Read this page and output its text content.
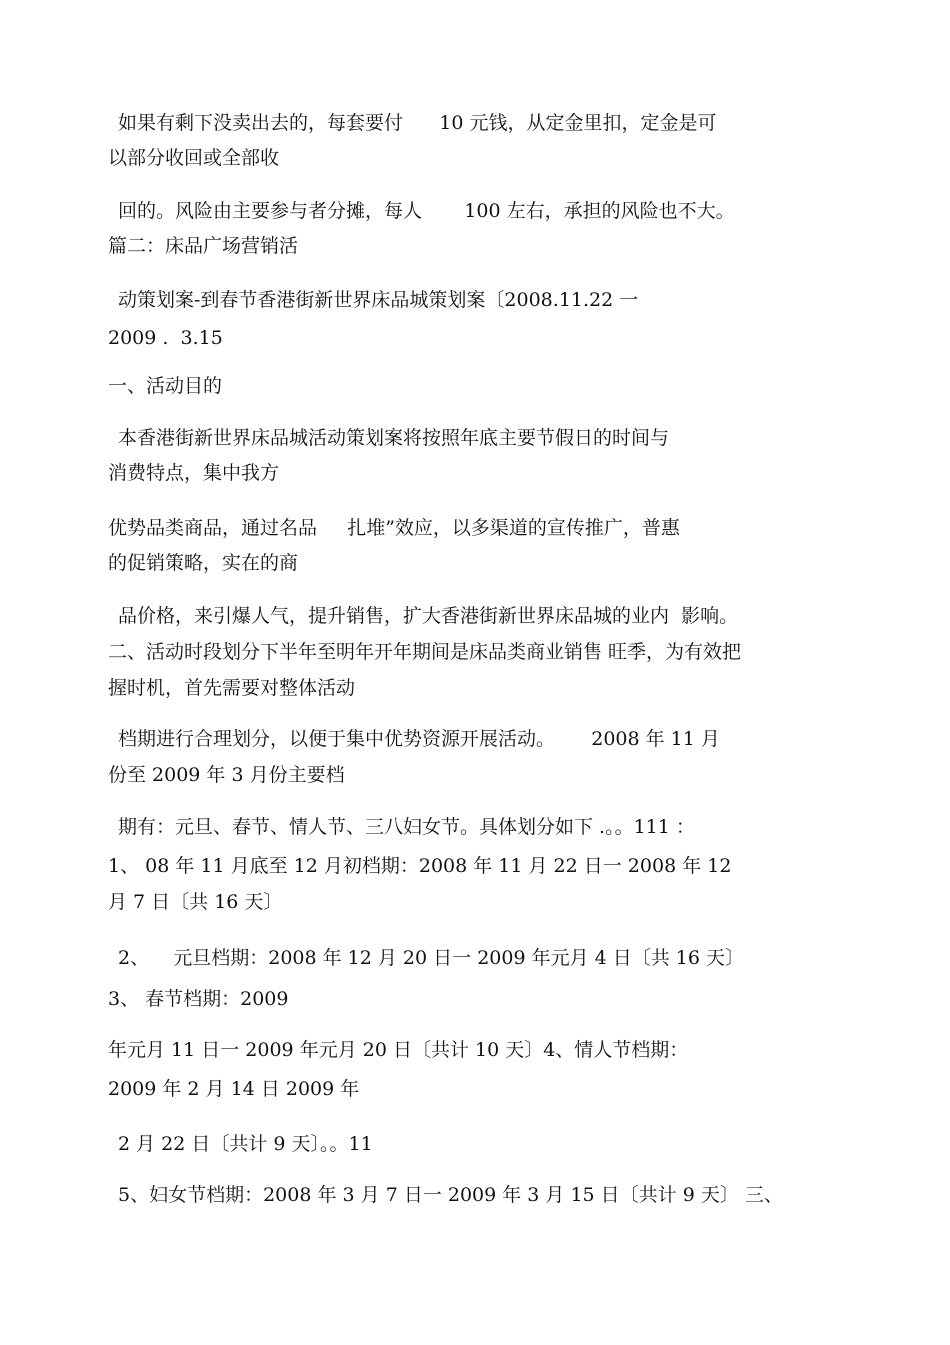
如果有剩下没卖出去的，每套要付      10 元钱，从定金里扣，定金是可
以部分收回或全部收
回的。风险由主要参与者分摊，每人       100 左右，承担的风险也不大。
篇二：床品广场营销活
动策划案-到春节香港街新世界床品城策划案〔2008.11.22 一
2009 .  3.15
一、活动目的
本香港街新世界床品城活动策划案将按照年底主要节假日的时间与
消费特点，集中我方
优势品类商品，通过名品     扎堆”效应，以多渠道的宣传推广，普惠
的促销策略，实在的商
品价格，来引爆人气，提升销售，扩大香港街新世界床品城的业内  影响。
二、活动时段划分下半年至明年开年期间是床品类商业销售 旺季，为有效把
握时机，首先需要对整体活动
档期进行合理划分，以便于集中优势资源开展活动。      2008 年 11 月
份至 2009 年 3 月份主要档
期有：元旦、春节、情人节、三八妇女节。具体划分如下 .。。111 ：
1、 08 年 11 月底至 12 月初档期：2008 年 11 月 22 日一 2008 年 12
月 7 日〔共 16 天〕
2、    元旦档期：2008 年 12 月 20 日一 2009 年元月 4 日〔共 16 天〕
3、 春节档期：2009
年元月 11 日一 2009 年元月 20 日〔共计 10 天〕4、情人节档期：
2009 年 2 月 14 日 2009 年
2 月 22 日〔共计 9 天〕。。11
5、妇女节档期：2008 年 3 月 7 日一 2009 年 3 月 15 日〔共计 9 天〕 三、
